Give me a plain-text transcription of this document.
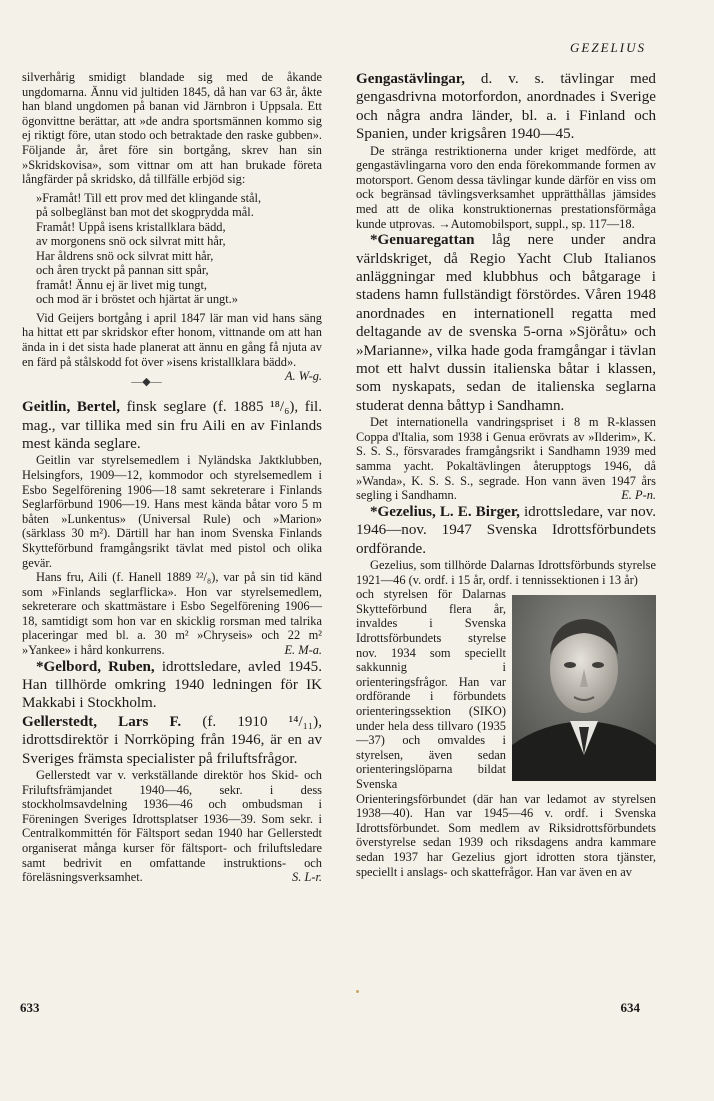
GEZELIUS

silverhårig smidigt blandade sig med de åkande ungdomarna. Ännu vid jultiden 1845, då han var 63 år, åkte han bland ungdomen på banan vid Järnbron i Uppsala. Ett ögonvittne berättar, att »de andra sportsmännen kommo sig ej riktigt före, utan stodo och betraktade den raske gubben». Följande år, året före sin bortgång, skrev han sin »Skridskovisa», som vittnar om att han brukade företa långfärder på skridsko, då tillfälle erbjöd sig:

»Framåt! Till ett prov med det klingande stål,
på solbeglänst ban mot det skogprydda mål.
Framåt! Uppå isens kristallklara bädd,
av morgonens snö ock silvrat mitt hår,
Har åldrens snö ock silvrat mitt hår,
och åren tryckt på pannan sitt spår,
framåt! Ännu ej är livet mig tungt,
och mod är i bröstet och hjärtat är ungt.»

Vid Geijers bortgång i april 1847 lär man vid hans säng ha hittat ett par skridskor efter honom, vittnande om att han ända in i det sista hade planerat att ännu en gång få njuta av en färd på stålskodd fot över »isens kristallklara bädd».
A. W-g.

—◆—

Geitlin, Bertel, finsk seglare (f. 1885 ¹⁸/₆), fil. mag., var tillika med sin fru Aili en av Finlands mest kända seglare.

Geitlin var styrelsemedlem i Nyländska Jaktklubben, Helsingfors, 1909—12, kommodor och styrelsemedlem i Esbo Segelförening 1906—18 samt sekreterare i Finlands Seglarförbund 1906—19. Hans mest kända båtar voro 5 m båten »Lunkentus» (Universal Rule) och »Marion» (särklass 30 m²). Därtill har han inom Svenska Finlands Skytteförbund framgångsrikt tävlat med pistol och olika gevär.

Hans fru, Aili (f. Hanell 1889 ²²/₈), var på sin tid känd som »Finlands seglarflicka». Hon var styrelsemedlem, sekreterare och skattmästare i Esbo Segelförening 1906—18, samtidigt som hon var en skicklig rorsman med talrika placeringar med bl. a. 30 m² »Chryseis» och 22 m² »Yankee» i hård konkurrens.	E. M-a.

*Gelbord, Ruben, idrottsledare, avled 1945. Han tillhörde omkring 1940 ledningen för IK Makkabi i Stockholm.

Gellerstedt, Lars F. (f. 1910 ¹⁴/₁₁), idrottsdirektör i Norrköping från 1946, är en av Sveriges främsta specialister på friluftsfrågor.

Gellerstedt var v. verkställande direktör hos Skid- och Friluftsfrämjandet 1940—46, sekr. i dess stockholmsavdelning 1936—46 och ombudsman i Föreningen Sveriges Idrottsplatser 1936—39. Som sekr. i Centralkommittén för Fältsport sedan 1940 har Gellerstedt organiserat många kurser för fältsport- och friluftsledare samt bedrivit en omfattande instruktions- och föreläsningsverksamhet.	S. L-r.

Gengastävlingar, d. v. s. tävlingar med gengasdrivna motorfordon, anordnades i Sverige och några andra länder, bl. a. i Finland och Spanien, under krigsåren 1940—45.

De stränga restriktionerna under kriget medförde, att gengastävlingarna voro den enda förekommande formen av motorsport. Genom dessa tävlingar kunde därför en viss om ock begränsad tävlingsverksamhet upprätthållas jämsides med att de olika konstruktionernas prestationsförmåga kunde utprovas. →Automobilsport, suppl., sp. 117—18.

*Genuaregattan låg nere under andra världskriget, då Regio Yacht Club Italianos anläggningar med klubbhus och båtgarage i stadens hamn fullständigt förstördes. Våren 1948 anordnades en internationell regatta med deltagande av de svenska 5-orna »Sjöråtu» och »Marianne», vilka hade goda framgångar i tävlan mot ett halvt dussin italienska båtar i klassen, som nyskapats, sedan de italienska seglarna studerat denna båttyp i Sandhamn.

Det internationella vandringspriset i 8 m R-klassen Coppa d'Italia, som 1938 i Genua erövrats av »Ilderim», K. S. S. S., försvarades framgångsrikt i Sandhamn 1939 med samma yacht. Pokaltävlingen återupptogs 1946, då »Wanda», K. S. S. S., segrade. Hon vann även 1947 års segling i Sandhamn.	E. P-n.

*Gezelius, L. E. Birger, idrottsledare, var nov. 1946—nov. 1947 Svenska Idrottsförbundets ordförande.

Gezelius, som tillhörde Dalarnas Idrottsförbunds styrelse 1921—46 (v. ordf. i 15 år, ordf. i tennissektionen i 13 år)

och styrelsen för Dalarnas Skytteförbund flera år, invaldes i Svenska Idrottsförbundets styrelse nov. 1934 som speciellt sakkunnig i orienteringsfrågor. Han var ordförande i förbundets orienteringssektion (SIKO) under hela dess tillvaro (1935—37) och omvaldes i styrelsen, även sedan orienteringslöparna bildat Svenska Orienteringsförbundet (där han var ledamot av styrelsen 1938—40). Han var 1945—46 v. ordf. i Svenska Idrottsförbundet. Som medlem av Riksidrottsförbundets överstyrelse sedan 1939 och riksdagens andra kammare sedan 1937 har Gezelius gjort idrotten stora tjänster, speciellt i anslags- och skattefrågor. Han var även en av

633	634
